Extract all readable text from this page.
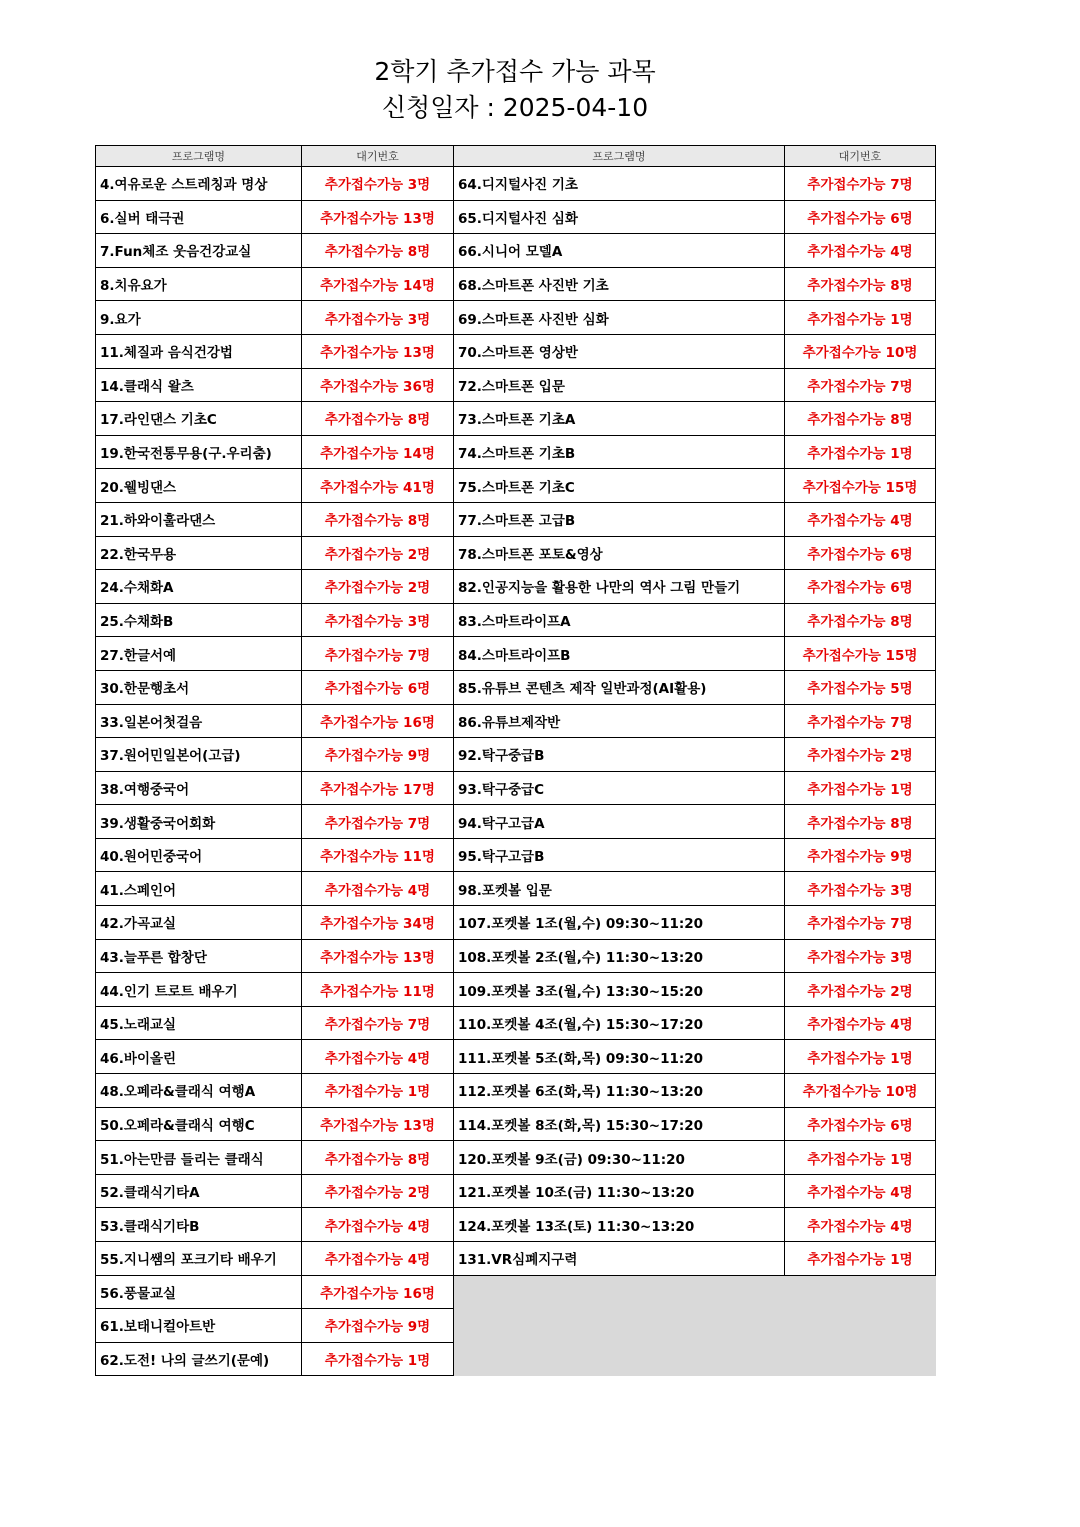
2학기 추가접수 가능 과목
신청일자 : 2025-04-10
프로그램명	대기번호	프로그램명	대기번호
4.여유로운 스트레칭과 명상	추가접수가능 3명	64.디지털사진 기초	추가접수가능 7명
6.실버 태극권	추가접수가능 13명	65.디지털사진 심화	추가접수가능 6명
7.Fun체조 웃음건강교실	추가접수가능 8명	66.시니어 모델A	추가접수가능 4명
8.치유요가	추가접수가능 14명	68.스마트폰 사진반 기초	추가접수가능 8명
9.요가	추가접수가능 3명	69.스마트폰 사진반 심화	추가접수가능 1명
11.체질과 음식건강법	추가접수가능 13명	70.스마트폰 영상반	추가접수가능 10명
14.클래식 왈츠	추가접수가능 36명	72.스마트폰 입문	추가접수가능 7명
17.라인댄스 기초C	추가접수가능 8명	73.스마트폰 기초A	추가접수가능 8명
19.한국전통무용(구.우리춤)	추가접수가능 14명	74.스마트폰 기초B	추가접수가능 1명
20.웰빙댄스	추가접수가능 41명	75.스마트폰 기초C	추가접수가능 15명
21.하와이훌라댄스	추가접수가능 8명	77.스마트폰 고급B	추가접수가능 4명
22.한국무용	추가접수가능 2명	78.스마트폰 포토&영상	추가접수가능 6명
24.수채화A	추가접수가능 2명	82.인공지능을 활용한 나만의 역사 그림 만들기	추가접수가능 6명
25.수채화B	추가접수가능 3명	83.스마트라이프A	추가접수가능 8명
27.한글서예	추가접수가능 7명	84.스마트라이프B	추가접수가능 15명
30.한문행초서	추가접수가능 6명	85.유튜브 콘텐츠 제작 일반과정(AI활용)	추가접수가능 5명
33.일본어첫걸음	추가접수가능 16명	86.유튜브제작반	추가접수가능 7명
37.원어민일본어(고급)	추가접수가능 9명	92.탁구중급B	추가접수가능 2명
38.여행중국어	추가접수가능 17명	93.탁구중급C	추가접수가능 1명
39.생활중국어회화	추가접수가능 7명	94.탁구고급A	추가접수가능 8명
40.원어민중국어	추가접수가능 11명	95.탁구고급B	추가접수가능 9명
41.스페인어	추가접수가능 4명	98.포켓볼 입문	추가접수가능 3명
42.가곡교실	추가접수가능 34명	107.포켓볼 1조(월,수) 09:30~11:20	추가접수가능 7명
43.늘푸른 합창단	추가접수가능 13명	108.포켓볼 2조(월,수) 11:30~13:20	추가접수가능 3명
44.인기 트로트 배우기	추가접수가능 11명	109.포켓볼 3조(월,수) 13:30~15:20	추가접수가능 2명
45.노래교실	추가접수가능 7명	110.포켓볼 4조(월,수) 15:30~17:20	추가접수가능 4명
46.바이올린	추가접수가능 4명	111.포켓볼 5조(화,목) 09:30~11:20	추가접수가능 1명
48.오페라&클래식 여행A	추가접수가능 1명	112.포켓볼 6조(화,목) 11:30~13:20	추가접수가능 10명
50.오페라&클래식 여행C	추가접수가능 13명	114.포켓볼 8조(화,목) 15:30~17:20	추가접수가능 6명
51.아는만큼 들리는 클래식	추가접수가능 8명	120.포켓볼 9조(금) 09:30~11:20	추가접수가능 1명
52.클래식기타A	추가접수가능 2명	121.포켓볼 10조(금) 11:30~13:20	추가접수가능 4명
53.클래식기타B	추가접수가능 4명	124.포켓볼 13조(토) 11:30~13:20	추가접수가능 4명
55.지니쌤의 포크기타 배우기	추가접수가능 4명	131.VR심폐지구력	추가접수가능 1명
56.풍물교실	추가접수가능 16명
61.보태니컬아트반	추가접수가능 9명
62.도전! 나의 글쓰기(문예)	추가접수가능 1명
